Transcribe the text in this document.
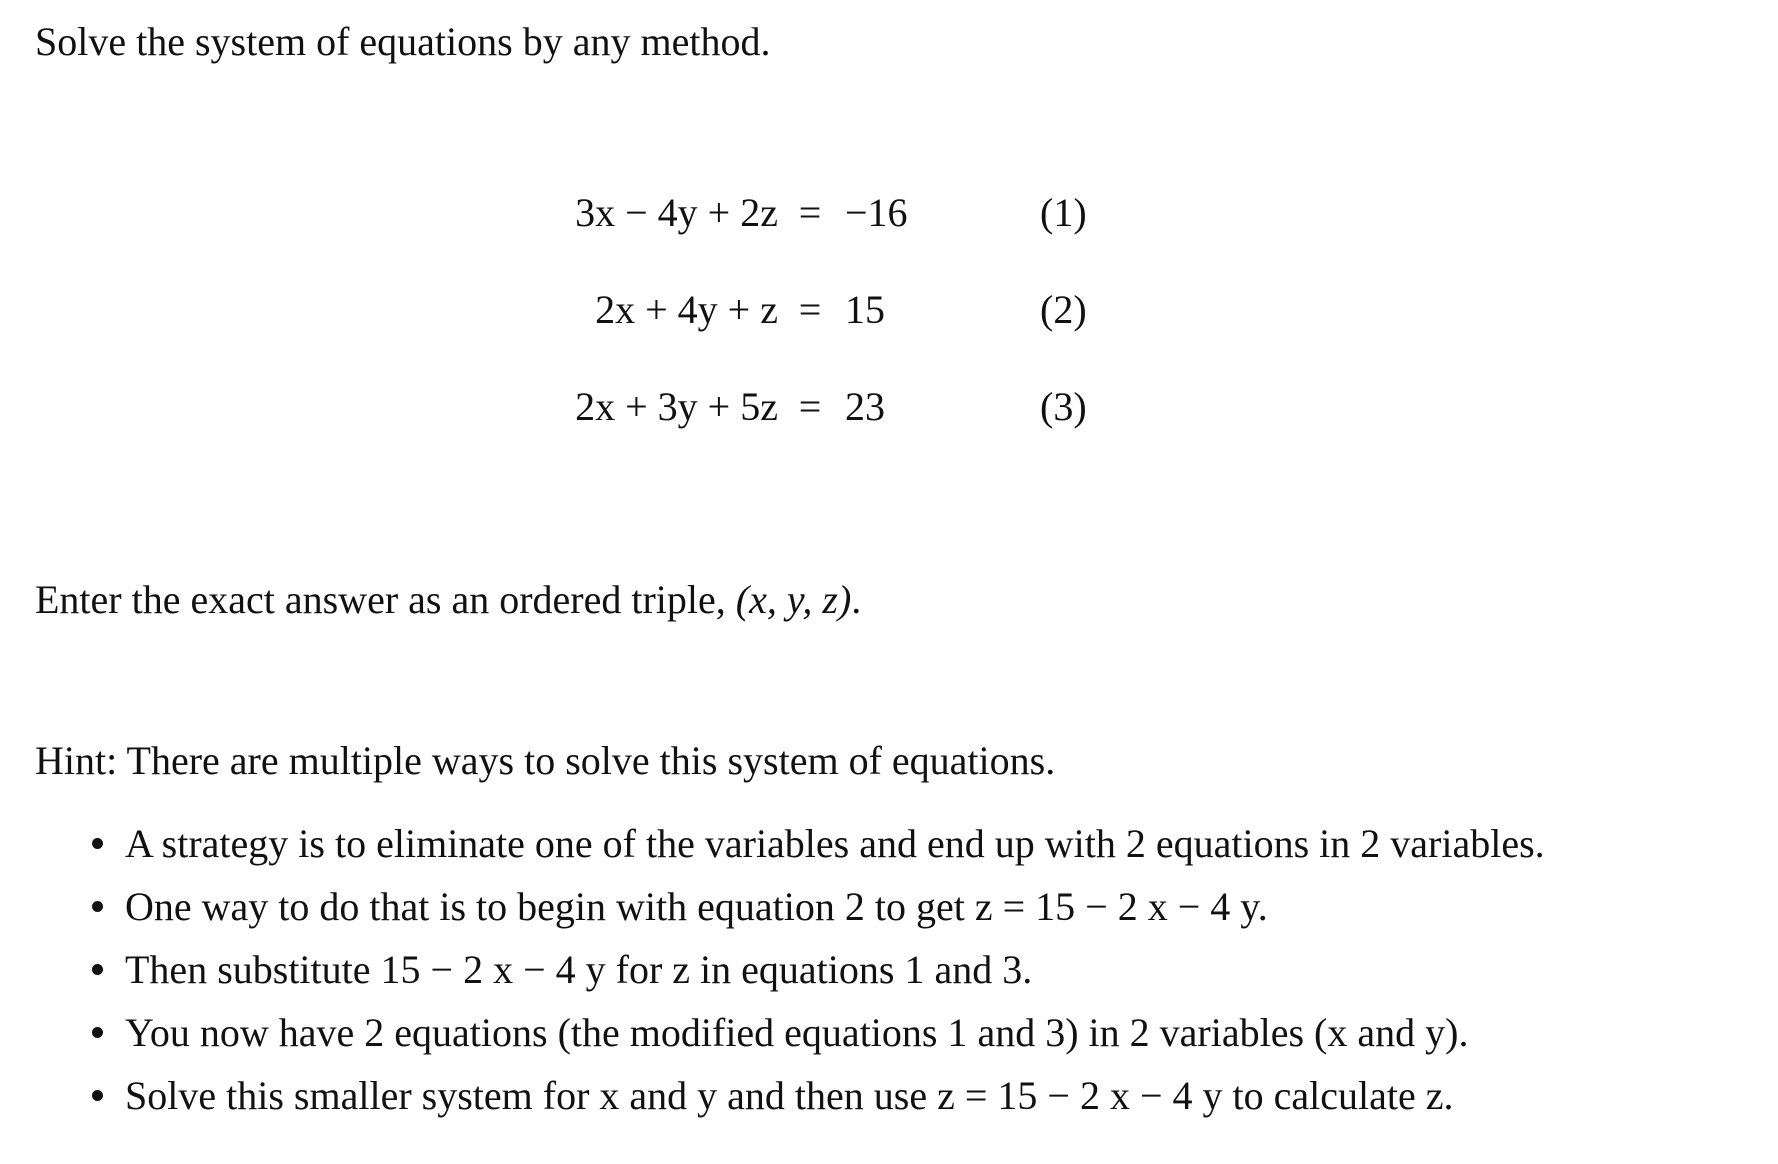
Solve the system of equations by any method.
3x − 4y + 2z = −16	(1)
2x + 4y + z = 15	(2)
2x + 3y + 5z = 23	(3)
Enter the exact answer as an ordered triple, (x, y, z).
Hint: There are multiple ways to solve this system of equations.
A strategy is to eliminate one of the variables and end up with 2 equations in 2 variables.
One way to do that is to begin with equation 2 to get z = 15 − 2 x − 4 y.
Then substitute 15 − 2 x − 4 y for z in equations 1 and 3.
You now have 2 equations (the modified equations 1 and 3) in 2 variables (x and y).
Solve this smaller system for x and y and then use z = 15 − 2 x − 4 y to calculate z.
